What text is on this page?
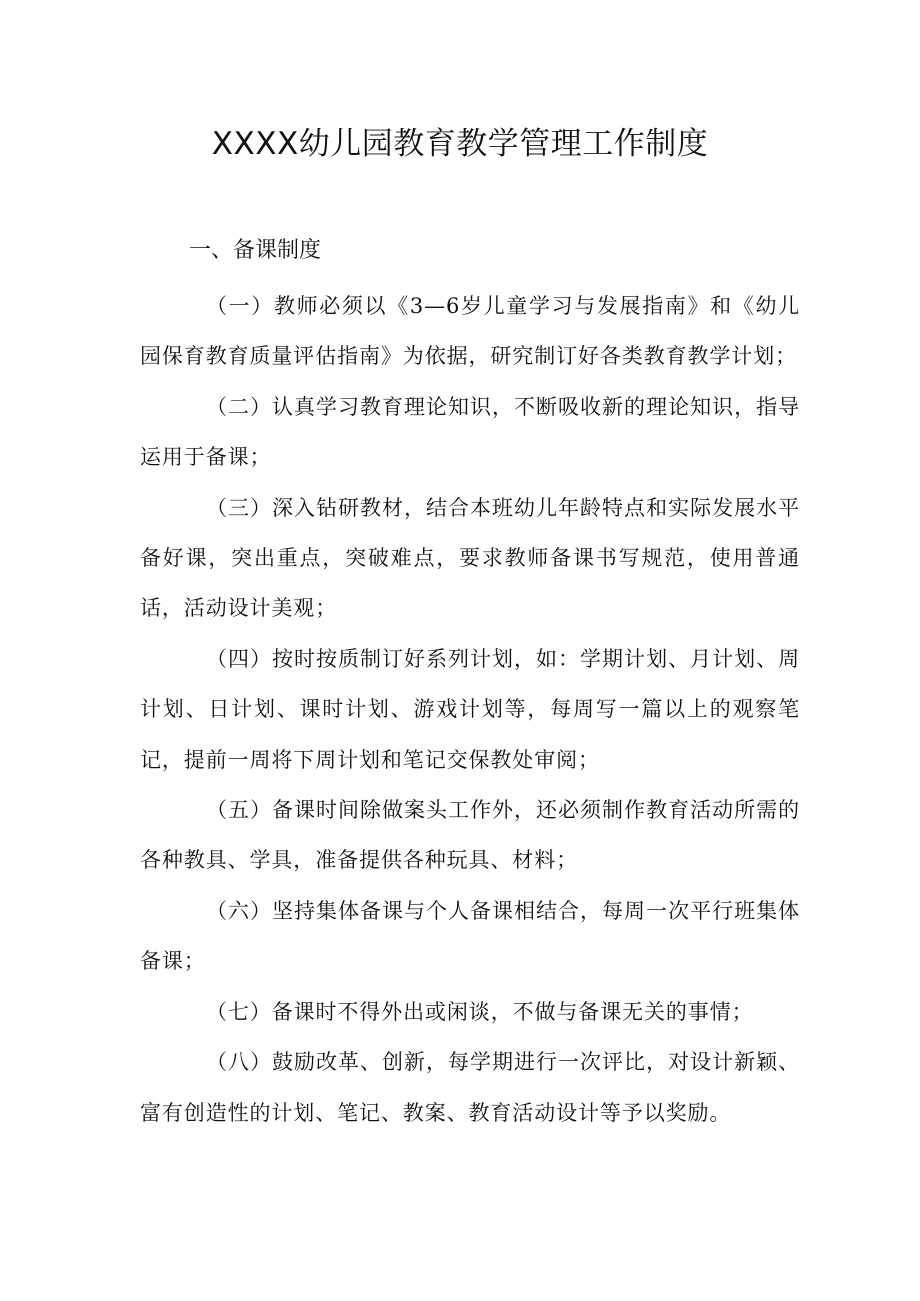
XXXX幼儿园教育教学管理工作制度
一、备课制度

（一）教师必须以《3—6岁儿童学习与发展指南》和《幼儿园保育教育质量评估指南》为依据，研究制订好各类教育教学计划；

（二）认真学习教育理论知识，不断吸收新的理论知识，指导运用于备课；

（三）深入钻研教材，结合本班幼儿年龄特点和实际发展水平备好课，突出重点，突破难点，要求教师备课书写规范，使用普通话，活动设计美观；

（四）按时按质制订好系列计划，如：学期计划、月计划、周计划、日计划、课时计划、游戏计划等，每周写一篇以上的观察笔记，提前一周将下周计划和笔记交保教处审阅；

（五）备课时间除做案头工作外，还必须制作教育活动所需的各种教具、学具，准备提供各种玩具、材料；

（六）坚持集体备课与个人备课相结合，每周一次平行班集体备课；

（七）备课时不得外出或闲谈，不做与备课无关的事情；

（八）鼓励改革、创新，每学期进行一次评比，对设计新颖、富有创造性的计划、笔记、教案、教育活动设计等予以奖励。
